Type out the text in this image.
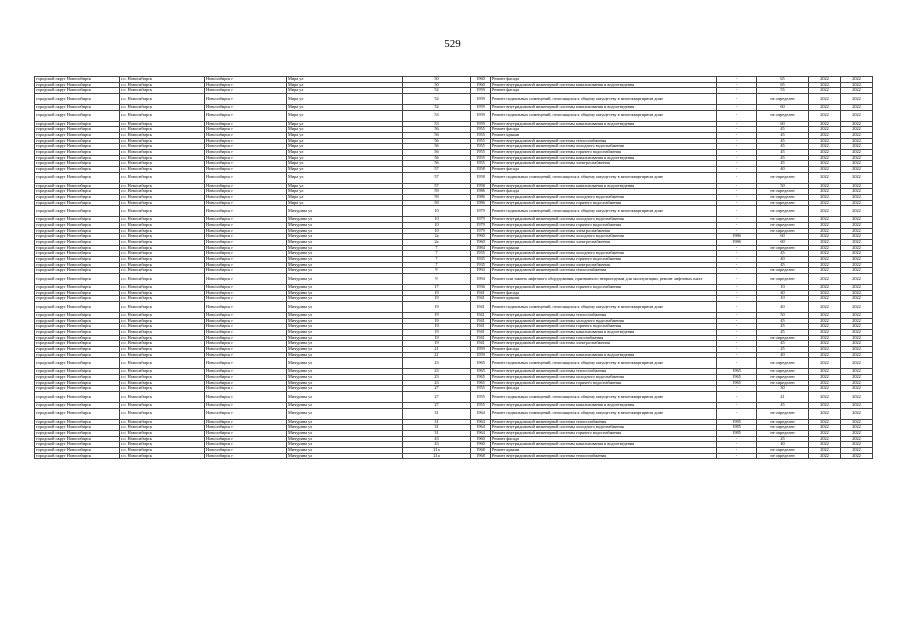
529
городской округ Новосибирск	г.о. Новосибирск	Новосибирск г	Мира ул	50	1960	Ремонт фасада	-	65	2022	2022
городской округ Новосибирск	г.о. Новосибирск	Новосибирск г	Мира ул	50	1960	Ремонт внутридомовой инженерной системы канализования и водоотведения	-	65	2022	2022
городской округ Новосибирск	г.о. Новосибирск	Новосибирск г	Мира ул	52	1959	Ремонт фасада	-	55	2022	2022
городской округ Новосибирск	г.о. Новосибирск	Новосибирск г	Мира ул	52	1959	Ремонт подвальных помещений, относящихся к общему имуществу в многоквартирном доме	-	не определен	2022	2022
городской округ Новосибирск	г.о. Новосибирск	Новосибирск г	Мира ул	52	1959	Ремонт внутридомовой инженерной системы канализования и водоотведения	-	60	2022	2022
городской округ Новосибирск	г.о. Новосибирск	Новосибирск г	Мира ул	53	1959	Ремонт подвальных помещений, относящихся к общему имуществу в многоквартирном доме	-	не определен	2022	2022
городской округ Новосибирск	г.о. Новосибирск	Новосибирск г	Мира ул	53	1959	Ремонт внутридомовой инженерной системы канализования и водоотведения	-	60	2022	2022
городской округ Новосибирск	г.о. Новосибирск	Новосибирск г	Мира ул	56	1955	Ремонт фасада	-	45	2022	2022
городской округ Новосибирск	г.о. Новосибирск	Новосибирск г	Мира ул	56	1955	Ремонт крыши	-	45	2022	2022
городской округ Новосибирск	г.о. Новосибирск	Новосибирск г	Мира ул	56	1955	Ремонт внутридомовой инженерной системы теплоснабжения	-	45	2022	2022
городской округ Новосибирск	г.о. Новосибирск	Новосибирск г	Мира ул	56	1955	Ремонт внутридомовой инженерной системы холодного водоснабжения	-	45	2022	2022
городской округ Новосибирск	г.о. Новосибирск	Новосибирск г	Мира ул	56	1955	Ремонт внутридомовой инженерной системы горячего водоснабжения	-	45	2022	2022
городской округ Новосибирск	г.о. Новосибирск	Новосибирск г	Мира ул	56	1955	Ремонт внутридомовой инженерной системы канализования и водоотведения	-	45	2022	2022
городской округ Новосибирск	г.о. Новосибирск	Новосибирск г	Мира ул	56	1955	Ремонт внутридомовой инженерной системы электроснабжения	-	45	2022	2022
городской округ Новосибирск	г.о. Новосибирск	Новосибирск г	Мира ул	57	1958	Ремонт фасада	-	40	2022	2022
городской округ Новосибирск	г.о. Новосибирск	Новосибирск г	Мира ул	57	1958	Ремонт подвальных помещений, относящихся к общему имуществу в многоквартирном доме	-	не определен	2022	2022
городской округ Новосибирск	г.о. Новосибирск	Новосибирск г	Мира ул	57	1958	Ремонт внутридомовой инженерной системы канализования и водоотведения	-	50	2022	2022
городской округ Новосибирск	г.о. Новосибирск	Новосибирск г	Мира ул	59	1986	Ремонт фасада	-	не определен	2022	2022
городской округ Новосибирск	г.о. Новосибирск	Новосибирск г	Мира ул	59	1986	Ремонт внутридомовой инженерной системы холодного водоснабжения	-	не определен	2022	2022
городской округ Новосибирск	г.о. Новосибирск	Новосибирск г	Мира ул	59	1986	Ремонт внутридомовой инженерной системы горячего водоснабжения	-	не определен	2022	2022
городской округ Новосибирск	г.о. Новосибирск	Новосибирск г	Мичурина ул	10	1979	Ремонт подвальных помещений, относящихся к общему имуществу в многоквартирном доме	-	не определен	2022	2022
городской округ Новосибирск	г.о. Новосибирск	Новосибирск г	Мичурина ул	10	1979	Ремонт внутридомовой инженерной системы холодного водоснабжения	-	не определен	2022	2022
городской округ Новосибирск	г.о. Новосибирск	Новосибирск г	Мичурина ул	10	1979	Ремонт внутридомовой инженерной системы горячего водоснабжения	-	не определен	2022	2022
городской округ Новосибирск	г.о. Новосибирск	Новосибирск г	Мичурина ул	10	1979	Ремонт внутридомовой инженерной системы электроснабжения	-	не определен	2022	2022
городской округ Новосибирск	г.о. Новосибирск	Новосибирск г	Мичурина ул	2а	1960	Ремонт внутридомовой инженерной системы холодного водоснабжения	1986	60	2022	2022
городской округ Новосибирск	г.о. Новосибирск	Новосибирск г	Мичурина ул	2а	1960	Ремонт внутридомовой инженерной системы электроснабжения	1986	60	2022	2022
городской округ Новосибирск	г.о. Новосибирск	Новосибирск г	Мичурина ул	7	1984	Ремонт крыши	-	не определен	2022	2022
городской округ Новосибирск	г.о. Новосибирск	Новосибирск г	Мичурина ул	7	1935	Ремонт внутридомовой инженерной системы холодного водоснабжения	-	45	2022	2022
городской округ Новосибирск	г.о. Новосибирск	Новосибирск г	Мичурина ул	7	1935	Ремонт внутридомовой инженерной системы горячего водоснабжения	-	40	2022	2022
городской округ Новосибирск	г.о. Новосибирск	Новосибирск г	Мичурина ул	7	1935	Ремонт внутридомовой инженерной системы электроснабжения	-	45	2022	2022
городской округ Новосибирск	г.о. Новосибирск	Новосибирск г	Мичурина ул	9	1994	Ремонт внутридомовой инженерной системы теплоснабжения	-	не определен	2022	2022
городской округ Новосибирск	г.о. Новосибирск	Новосибирск г	Мичурина ул	9	1994	Ремонт или замена лифтового оборудования, признанного непригодным для эксплуатации, ремонт лифтовых шахт	-	не определен	2022	2022
городской округ Новосибирск	г.о. Новосибирск	Новосибирск г	Мичурина ул	17	1936	Ремонт внутридомовой инженерной системы горячего водоснабжения	-	10	2022	2022
городской округ Новосибирск	г.о. Новосибирск	Новосибирск г	Мичурина ул	19	1941	Ремонт фасада	-	40	2022	2022
городской округ Новосибирск	г.о. Новосибирск	Новосибирск г	Мичурина ул	19	1941	Ремонт крыши	-	10	2022	2022
городской округ Новосибирск	г.о. Новосибирск	Новосибирск г	Мичурина ул	19	1941	Ремонт подвальных помещений, относящихся к общему имуществу в многоквартирном доме	-	40	2022	2022
городской округ Новосибирск	г.о. Новосибирск	Новосибирск г	Мичурина ул	19	1941	Ремонт внутридомовой инженерной системы теплоснабжения	-	50	2022	2022
городской округ Новосибирск	г.о. Новосибирск	Новосибирск г	Мичурина ул	19	1941	Ремонт внутридомовой инженерной системы холодного водоснабжения	-	45	2022	2022
городской округ Новосибирск	г.о. Новосибирск	Новосибирск г	Мичурина ул	19	1941	Ремонт внутридомовой инженерной системы горячего водоснабжения	-	45	2022	2022
городской округ Новосибирск	г.о. Новосибирск	Новосибирск г	Мичурина ул	19	1941	Ремонт внутридомовой инженерной системы канализования и водоотведения	-	45	2022	2022
городской округ Новосибирск	г.о. Новосибирск	Новосибирск г	Мичурина ул	19	1941	Ремонт внутридомовой инженерной системы газоснабжения	-	не определен	2022	2022
городской округ Новосибирск	г.о. Новосибирск	Новосибирск г	Мичурина ул	19	1941	Ремонт внутридомовой инженерной системы электроснабжения	-	45	2022	2022
городской округ Новосибирск	г.о. Новосибирск	Новосибирск г	Мичурина ул	21	1959	Ремонт фасада	-	25	2022	2022
городской округ Новосибирск	г.о. Новосибирск	Новосибирск г	Мичурина ул	21	1959	Ремонт внутридомовой инженерной системы канализования и водоотведения	-	40	2022	2022
городской округ Новосибирск	г.о. Новосибирск	Новосибирск г	Мичурина ул	23	1965	Ремонт подвальных помещений, относящихся к общему имуществу в многоквартирном доме	-	не определен	2022	2022
городской округ Новосибирск	г.о. Новосибирск	Новосибирск г	Мичурина ул	23	1965	Ремонт внутридомовой инженерной системы теплоснабжения	1965	не определен	2022	2022
городской округ Новосибирск	г.о. Новосибирск	Новосибирск г	Мичурина ул	23	1965	Ремонт внутридомовой инженерной системы холодного водоснабжения	1965	не определен	2022	2022
городской округ Новосибирск	г.о. Новосибирск	Новосибирск г	Мичурина ул	23	1965	Ремонт внутридомовой инженерной системы горячего водоснабжения	1965	не определен	2022	2022
городской округ Новосибирск	г.о. Новосибирск	Новосибирск г	Мичурина ул	27	1955	Ремонт фасада	-	30	2022	2022
городской округ Новосибирск	г.о. Новосибирск	Новосибирск г	Мичурина ул	27	1955	Ремонт подвальных помещений, относящихся к общему имуществу в многоквартирном доме	-	41	2022	2022
городской округ Новосибирск	г.о. Новосибирск	Новосибирск г	Мичурина ул	27	1955	Ремонт внутридомовой инженерной системы канализования и водоотведения	-	45	2022	2022
городской округ Новосибирск	г.о. Новосибирск	Новосибирск г	Мичурина ул	31	1964	Ремонт подвальных помещений, относящихся к общему имуществу в многоквартирном доме	-	не определен	2022	2022
городской округ Новосибирск	г.о. Новосибирск	Новосибирск г	Мичурина ул	31	1964	Ремонт внутридомовой инженерной системы теплоснабжения	1985	не определен	2022	2022
городской округ Новосибирск	г.о. Новосибирск	Новосибирск г	Мичурина ул	31	1964	Ремонт внутридомовой инженерной системы холодного водоснабжения	1985	не определен	2022	2022
городской округ Новосибирск	г.о. Новосибирск	Новосибирск г	Мичурина ул	31	1964	Ремонт внутридомовой инженерной системы горячего водоснабжения	1985	не определен	2022	2022
городской округ Новосибирск	г.о. Новосибирск	Новосибирск г	Мичурина ул	43	1960	Ремонт фасада	-	25	2022	2022
городской округ Новосибирск	г.о. Новосибирск	Новосибирск г	Мичурина ул	43	1960	Ремонт внутридомовой инженерной системы канализования и водоотведения	-	40	2022	2022
городской округ Новосибирск	г.о. Новосибирск	Новосибирск г	Мичурина ул	21а	1968	Ремонт крыши	-	не определен	2022	2022
городской округ Новосибирск	г.о. Новосибирск	Новосибирск г	Мичурина ул	21а	1968	Ремонт внутридомовой инженерной системы теплоснабжения	-	не определен	2022	2022
